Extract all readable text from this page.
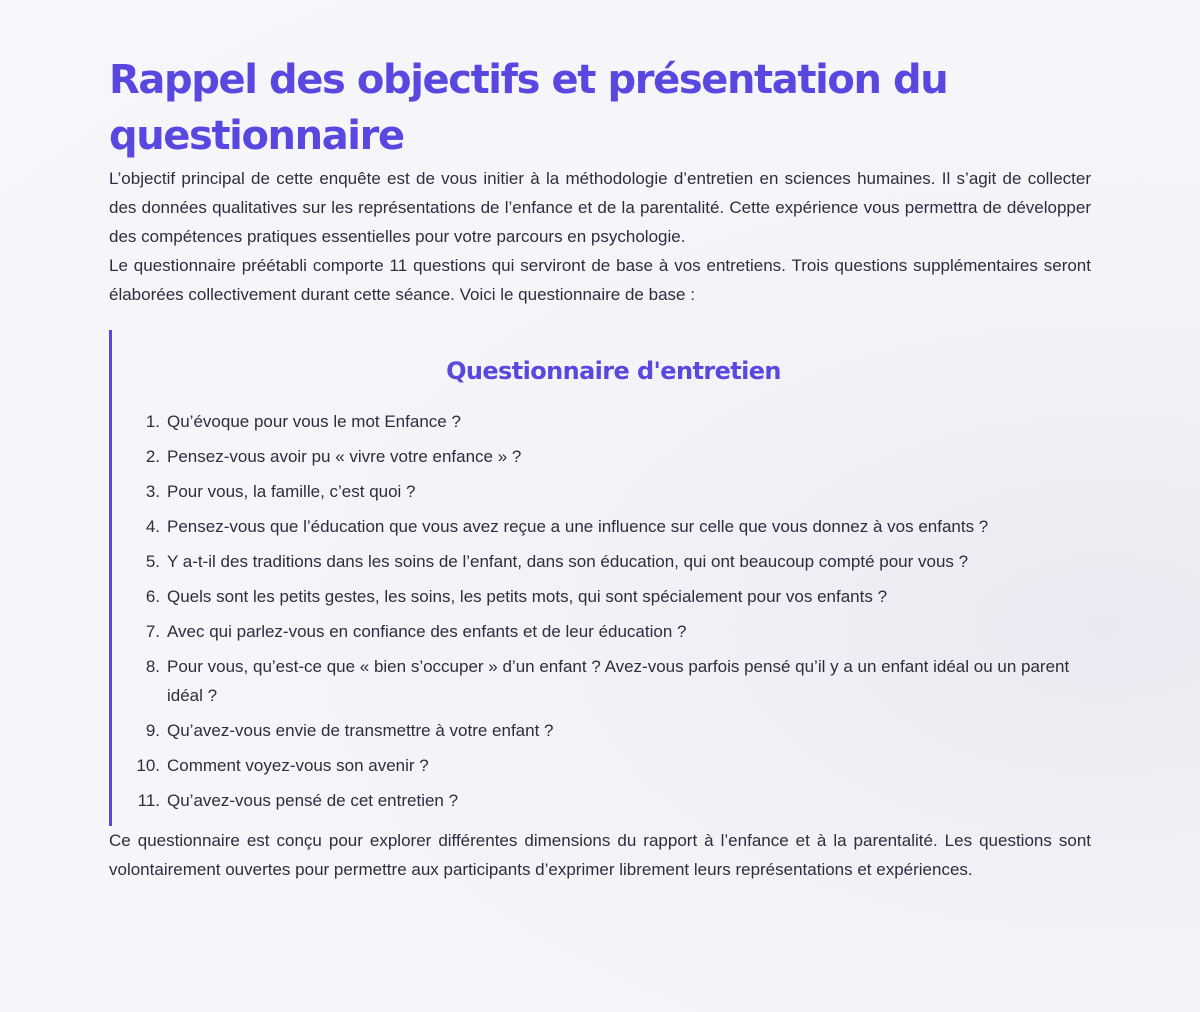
Rappel des objectifs et présentation du questionnaire

L’objectif principal de cette enquête est de vous initier à la méthodologie d’entretien en sciences humaines. Il s’agit de collecter des données qualitatives sur les représentations de l’enfance et de la parentalité. Cette expérience vous permettra de développer des compétences pratiques essentielles pour votre parcours en psychologie.

Le questionnaire préétabli comporte 11 questions qui serviront de base à vos entretiens. Trois questions supplémentaires seront élaborées collectivement durant cette séance. Voici le questionnaire de base :

Questionnaire d'entretien
1. Qu’évoque pour vous le mot Enfance ?
2. Pensez-vous avoir pu « vivre votre enfance » ?
3. Pour vous, la famille, c’est quoi ?
4. Pensez-vous que l’éducation que vous avez reçue a une influence sur celle que vous donnez à vos enfants ?
5. Y a-t-il des traditions dans les soins de l’enfant, dans son éducation, qui ont beaucoup compté pour vous ?
6. Quels sont les petits gestes, les soins, les petits mots, qui sont spécialement pour vos enfants ?
7. Avec qui parlez-vous en confiance des enfants et de leur éducation ?
8. Pour vous, qu’est-ce que « bien s’occuper » d’un enfant ? Avez-vous parfois pensé qu’il y a un enfant idéal ou un parent idéal ?
9. Qu’avez-vous envie de transmettre à votre enfant ?
10. Comment voyez-vous son avenir ?
11. Qu’avez-vous pensé de cet entretien ?

Ce questionnaire est conçu pour explorer différentes dimensions du rapport à l’enfance et à la parentalité. Les questions sont volontairement ouvertes pour permettre aux participants d’exprimer librement leurs représentations et expériences.
